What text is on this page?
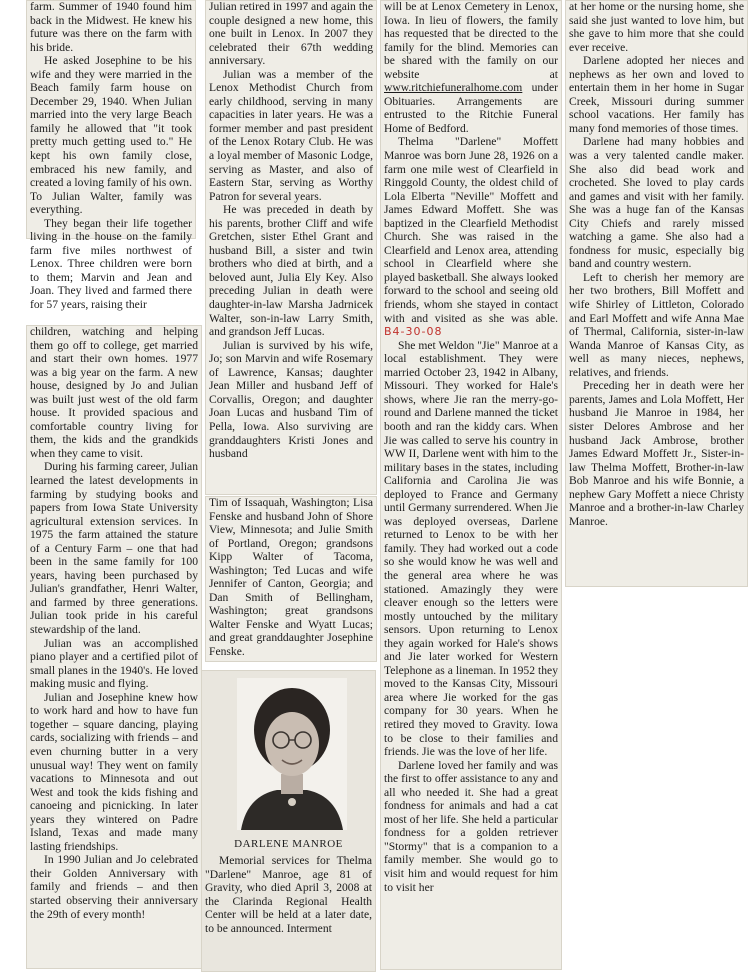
farm. Summer of 1940 found him back in the Midwest. He knew his future was there on the farm with his bride.

He asked Josephine to be his wife and they were married in the Beach family farm house on December 29, 1940. When Julian married into the very large Beach family he allowed that "it took pretty much getting used to." He kept his own family close, embraced his new family, and created a loving family of his own. To Julian Walter, family was everything.

They began their life together living in the house on the family farm five miles northwest of Lenox. Three children were born to them; Marvin and Jean and Joan. They lived and farmed there for 57 years, raising their

children, watching and helping them go off to college, get married and start their own homes. 1977 was a big year on the farm. A new house, designed by Jo and Julian was built just west of the old farm house. It provided spacious and comfortable country living for them, the kids and the grandkids when they came to visit.

During his farming career, Julian learned the latest developments in farming by studying books and papers from Iowa State University agricultural extension services. In 1975 the farm attained the stature of a Century Farm – one that had been in the same family for 100 years, having been purchased by Julian's grandfather, Henri Walter, and farmed by three generations. Julian took pride in his careful stewardship of the land.

Julian was an accomplished piano player and a certified pilot of small planes in the 1940's. He loved making music and flying.

Julian and Josephine knew how to work hard and how to have fun together – square dancing, playing cards, socializing with friends – and even churning butter in a very unusual way! They went on family vacations to Minnesota and out West and took the kids fishing and canoeing and picnicking. In later years they wintered on Padre Island, Texas and made many lasting friendships.

In 1990 Julian and Jo celebrated their Golden Anniversary with family and friends – and then started observing their anniversary the 29th of every month!

Julian retired in 1997 and again the couple designed a new home, this one built in Lenox. In 2007 they celebrated their 67th wedding anniversary.

Julian was a member of the Lenox Methodist Church from early childhood, serving in many capacities in later years. He was a former member and past president of the Lenox Rotary Club. He was a loyal member of Masonic Lodge, serving as Master, and also of Eastern Star, serving as Worthy Patron for several years.

He was preceded in death by his parents, brother Cliff and wife Gretchen, sister Ethel Grant and husband Bill, a sister and twin brothers who died at birth, and a beloved aunt, Julia Ely Key. Also preceding Julian in death were daughter-in-law Marsha Jadrnicek Walter, son-in-law Larry Smith, and grandson Jeff Lucas.

Julian is survived by his wife, Jo; son Marvin and wife Rosemary of Lawrence, Kansas; daughter Jean Miller and husband Jeff of Corvallis, Oregon; and daughter Joan Lucas and husband Tim of Pella, Iowa. Also surviving are granddaughters Kristi Jones and husband

Tim of Issaquah, Washington; Lisa Fenske and husband John of Shore View, Minnesota; and Julie Smith of Portland, Oregon; grandsons Kipp Walter of Tacoma, Washington; Ted Lucas and wife Jennifer of Canton, Georgia; and Dan Smith of Bellingham, Washington; great grandsons Walter Fenske and Wyatt Lucas; and great granddaughter Josephine Fenske.

DARLENE MANROE

Memorial services for Thelma "Darlene" Manroe, age 81 of Gravity, who died April 3, 2008 at the Clarinda Regional Health Center will be held at a later date, to be announced. Interment

will be at Lenox Cemetery in Lenox, Iowa. In lieu of flowers, the family has requested that be directed to the family for the blind. Memories can be shared with the family on our website at www.ritchiefuneralhome.com under Obituaries. Arrangements are entrusted to the Ritchie Funeral Home of Bedford.

Thelma "Darlene" Moffett Manroe was born June 28, 1926 on a farm one mile west of Clearfield in Ringgold County, the oldest child of Lola Elberta "Neville" Moffett and James Edward Moffett. She was baptized in the Clearfield Methodist Church. She was raised in the Clearfield and Lenox area, attending school in Clearfield where she played basketball. She always looked forward to the school and seeing old friends, whom she stayed in contact with and visited as she was able. B4-30-08

She met Weldon "Jie" Manroe at a local establishment. They were married October 23, 1942 in Albany, Missouri. They worked for Hale's shows, where Jie ran the merry-go-round and Darlene manned the ticket booth and ran the kiddy cars. When Jie was called to serve his country in WW II, Darlene went with him to the military bases in the states, including California and Carolina Jie was deployed to France and Germany until Germany surrendered. When Jie was deployed overseas, Darlene returned to Lenox to be with her family. They had worked out a code so she would know he was well and the general area where he was stationed. Amazingly they were cleaver enough so the letters were mostly untouched by the military sensors. Upon returning to Lenox they again worked for Hale's shows and Jie later worked for Western Telephone as a lineman. In 1952 they moved to the Kansas City, Missouri area where Jie worked for the gas company for 30 years. When he retired they moved to Gravity. Iowa to be close to their families and friends. Jie was the love of her life.

Darlene loved her family and was the first to offer assistance to any and all who needed it. She had a great fondness for animals and had a cat most of her life. She held a particular fondness for a golden retriever "Stormy" that is a companion to a family member. She would go to visit him and would request for him to visit her

at her home or the nursing home, she said she just wanted to love him, but she gave to him more that she could ever receive.

Darlene adopted her nieces and nephews as her own and loved to entertain them in her home in Sugar Creek, Missouri during summer school vacations. Her family has many fond memories of those times.

Darlene had many hobbies and was a very talented candle maker. She also did bead work and crocheted. She loved to play cards and games and visit with her family. She was a huge fan of the Kansas City Chiefs and rarely missed watching a game. She also had a fondness for music, especially big band and country western.

Left to cherish her memory are her two brothers, Bill Moffett and wife Shirley of Littleton, Colorado and Earl Moffett and wife Anna Mae of Thermal, California, sister-in-law Wanda Manroe of Kansas City, as well as many nieces, nephews, relatives, and friends.

Preceding her in death were her parents, James and Lola Moffett, Her husband Jie Manroe in 1984, her sister Delores Ambrose and her husband Jack Ambrose, brother James Edward Moffett Jr., Sister-in-law Thelma Moffett, Brother-in-law Bob Manroe and his wife Bonnie, a nephew Gary Moffett a niece Christy Manroe and a brother-in-law Charley Manroe.
